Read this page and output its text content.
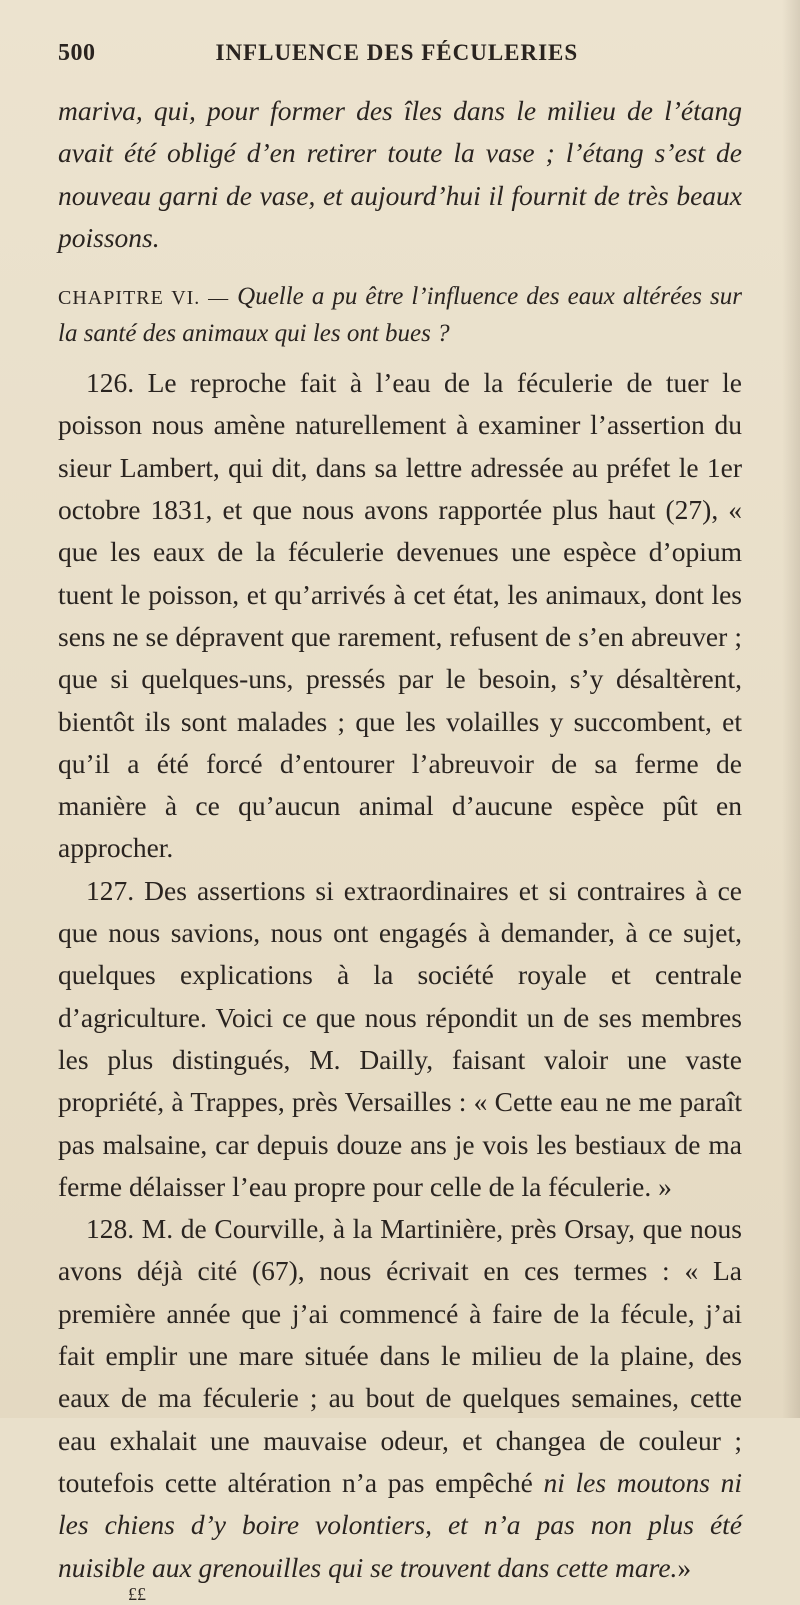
500	INFLUENCE DES FÉCULERIES

mariva, qui, pour former des îles dans le milieu de l’étang avait été obligé d’en retirer toute la vase ; l’étang s’est de nouveau garni de vase, et aujourd’hui il fournit de très beaux poissons.

CHAPITRE VI. — Quelle a pu être l’influence des eaux altérées sur la santé des animaux qui les ont bues ?

126. Le reproche fait à l’eau de la féculerie de tuer le poisson nous amène naturellement à examiner l’assertion du sieur Lambert, qui dit, dans sa lettre adressée au préfet le 1er octobre 1831, et que nous avons rapportée plus haut (27), « que les eaux de la féculerie devenues une espèce d’opium tuent le poisson, et qu’arrivés à cet état, les animaux, dont les sens ne se dépravent que rarement, refusent de s’en abreuver ; que si quelques-uns, pressés par le besoin, s’y désaltèrent, bientôt ils sont malades ; que les volailles y succombent, et qu’il a été forcé d’entourer l’abreuvoir de sa ferme de manière à ce qu’aucun animal d’aucune espèce pût en approcher.

127. Des assertions si extraordinaires et si contraires à ce que nous savions, nous ont engagés à demander, à ce sujet, quelques explications à la société royale et centrale d’agriculture. Voici ce que nous répondit un de ses membres les plus distingués, M. Dailly, faisant valoir une vaste propriété, à Trappes, près Versailles : « Cette eau ne me paraît pas malsaine, car depuis douze ans je vois les bestiaux de ma ferme délaisser l’eau propre pour celle de la féculerie. »

128. M. de Courville, à la Martinière, près Orsay, que nous avons déjà cité (67), nous écrivait en ces termes : « La première année que j’ai commencé à faire de la fécule, j’ai fait emplir une mare située dans le milieu de la plaine, des eaux de ma féculerie ; au bout de quelques semaines, cette eau exhalait une mauvaise odeur, et changea de couleur ; toutefois cette altération n’a pas empêché ni les moutons ni les chiens d’y boire volontiers, et n’a pas non plus été nuisible aux grenouilles qui se trouvent dans cette mare.»

££
